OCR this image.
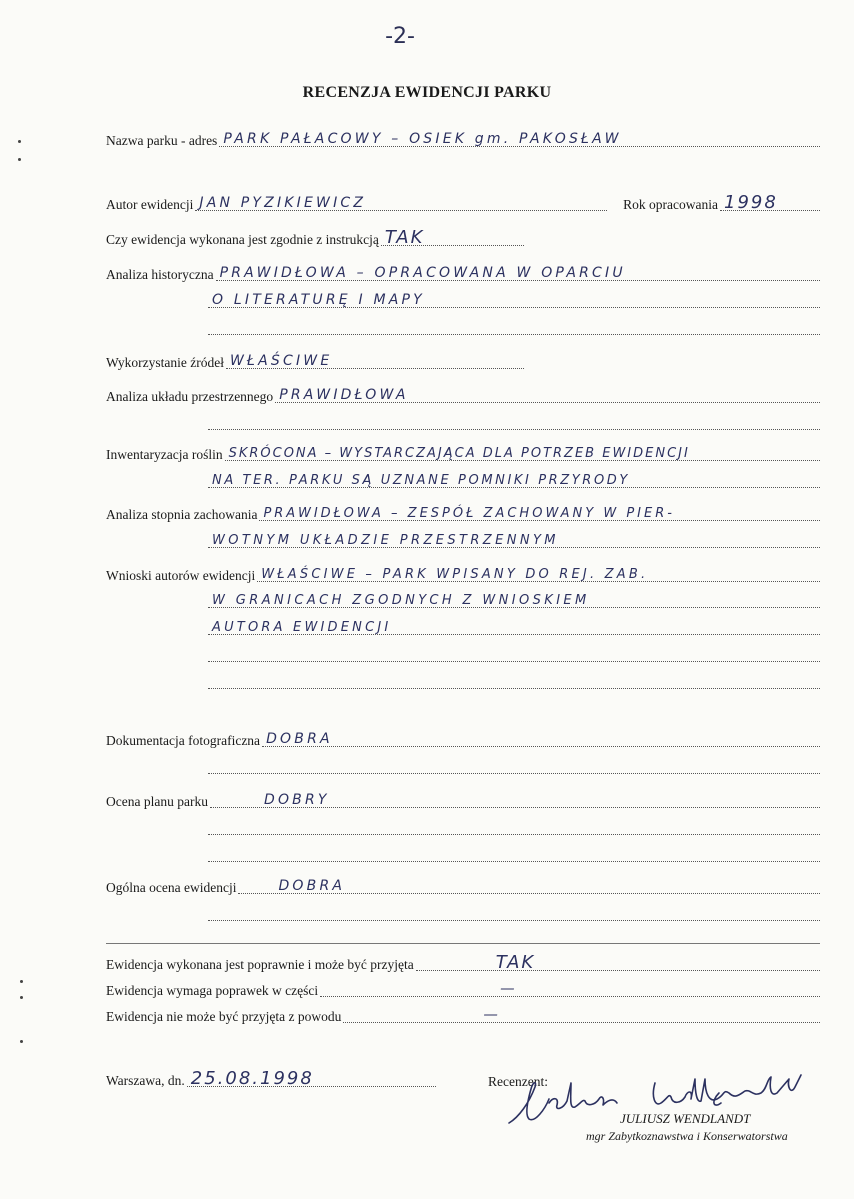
-2-
RECENZJA EWIDENCJI PARKU
Nazwa parku - adres PARK PAŁACOWY – OSIEK gm. PAKOSŁAW
Autor ewidencji JAN PYZIKIEWICZ	Rok opracowania 1998
Czy ewidencja wykonana jest zgodnie z instrukcją TAK
Analiza historyczna PRAWIDŁOWA – OPRACOWANA W OPARCIU
O LITERATURĘ I MAPY
Wykorzystanie źródeł WŁAŚCIWE
Analiza układu przestrzennego PRAWIDŁOWA
Inwentaryzacja roślin SKRÓCONA – WYSTARCZAJĄCA DLA POTRZEB EWIDENCJI
NA TER. PARKU SĄ UZNANE POMNIKI PRZYRODY
Analiza stopnia zachowania PRAWIDŁOWA – ZESPÓŁ ZACHOWANY W PIER-
WOTNYM UKŁADZIE PRZESTRZENNYM
Wnioski autorów ewidencji WŁAŚCIWE – PARK WPISANY DO REJ. ZAB.
W GRANICACH ZGODNYCH Z WNIOSKIEM
AUTORA EWIDENCJI
Dokumentacja fotograficzna DOBRA
Ocena planu parku	DOBRY
Ogólna ocena ewidencji	DOBRA
Ewidencja wykonana jest poprawnie i może być przyjęta	TAK
Ewidencja wymaga poprawek w części	—
Ewidencja nie może być przyjęta z powodu	—
Warszawa, dn. 25.08.1998	Recenzent:
JULIUSZ WENDLANDT
mgr Zabytkoznawstwa i Konserwatorstwa
